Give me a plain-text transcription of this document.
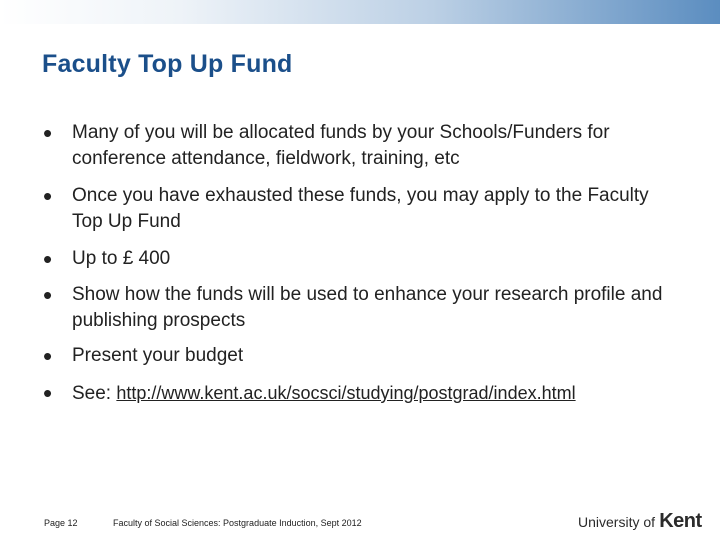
Faculty Top Up Fund
• Many of you will be allocated funds by your Schools/Funders for conference attendance, fieldwork, training, etc
• Once you have exhausted these funds, you may apply to the Faculty Top Up Fund
• Up to £ 400
• Show how the funds will be used to enhance your research profile and publishing prospects
• Present your budget
• See: http://www.kent.ac.uk/socsci/studying/postgrad/index.html
Page 12	Faculty of Social Sciences: Postgraduate Induction, Sept 2012	University of Kent
